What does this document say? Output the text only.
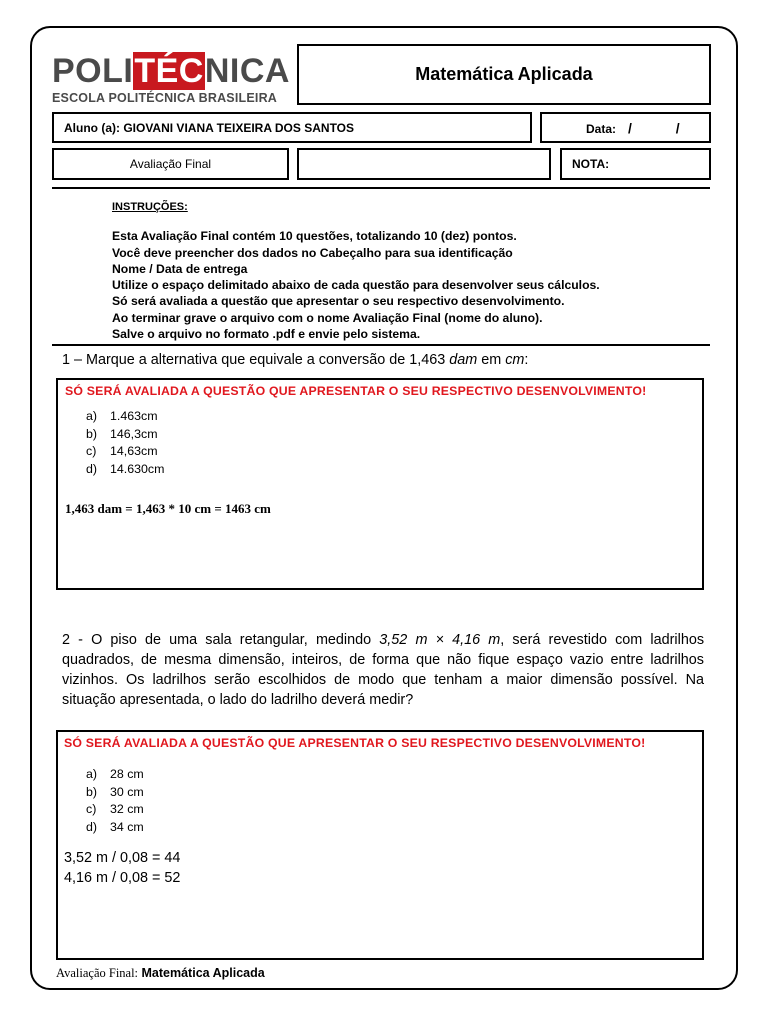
POLI TÉC NICA
ESCOLA POLITÉCNICA BRASILEIRA
Matemática Aplicada
Aluno (a): GIOVANI VIANA TEIXEIRA DOS SANTOS	Data: / /
Avaliação Final	NOTA:
INSTRUÇÕES:
Esta Avaliação Final contém 10 questões, totalizando 10 (dez) pontos.
Você deve preencher dos dados no Cabeçalho para sua identificação
Nome / Data de entrega
Utilize o espaço delimitado abaixo de cada questão para desenvolver seus cálculos.
Só será avaliada a questão que apresentar o seu respectivo desenvolvimento.
Ao terminar grave o arquivo com o nome Avaliação Final (nome do aluno).
Salve o arquivo no formato .pdf e envie pelo sistema.
1 – Marque a alternativa que equivale a conversão de 1,463 dam em cm:
SÓ SERÁ AVALIADA A QUESTÃO QUE APRESENTAR O SEU RESPECTIVO DESENVOLVIMENTO!
a) 1.463cm
b) 146,3cm
c) 14,63cm
d) 14.630cm
1,463 dam = 1,463 * 10 cm = 1463 cm
2 - O piso de uma sala retangular, medindo 3,52 m × 4,16 m, será revestido com ladrilhos quadrados, de mesma dimensão, inteiros, de forma que não fique espaço vazio entre ladrilhos vizinhos. Os ladrilhos serão escolhidos de modo que tenham a maior dimensão possível. Na situação apresentada, o lado do ladrilho deverá medir?
SÓ SERÁ AVALIADA A QUESTÃO QUE APRESENTAR O SEU RESPECTIVO DESENVOLVIMENTO!
a) 28 cm
b) 30 cm
c) 32 cm
d) 34 cm
3,52 m / 0,08 = 44
4,16 m / 0,08 = 52
Avaliação Final: Matemática Aplicada
